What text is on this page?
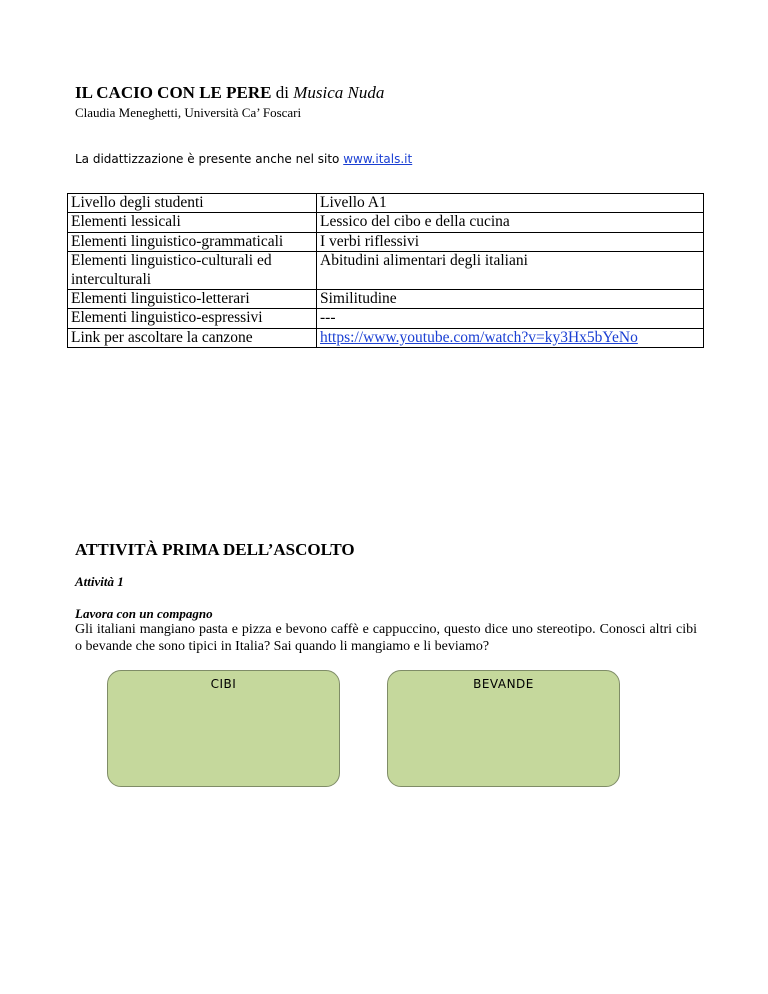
IL CACIO CON LE PERE di Musica Nuda
Claudia Meneghetti, Università Ca’ Foscari
La didattizzazione è presente anche nel sito www.itals.it
Livello degli studenti	Livello A1
Elementi lessicali	Lessico del cibo e della cucina
Elementi linguistico-grammaticali	I verbi riflessivi
Elementi linguistico-culturali ed interculturali	Abitudini alimentari degli italiani
Elementi linguistico-letterari	Similitudine
Elementi linguistico-espressivi	---
Link per ascoltare la canzone	https://www.youtube.com/watch?v=ky3Hx5bYeNo
ATTIVITÀ PRIMA DELL’ASCOLTO
Attività 1
Lavora con un compagno
Gli italiani mangiano pasta e pizza e bevono caffè e cappuccino, questo dice uno stereotipo. Conosci altri cibi o bevande che sono tipici in Italia? Sai quando li mangiamo e li beviamo?
CIBI	BEVANDE
